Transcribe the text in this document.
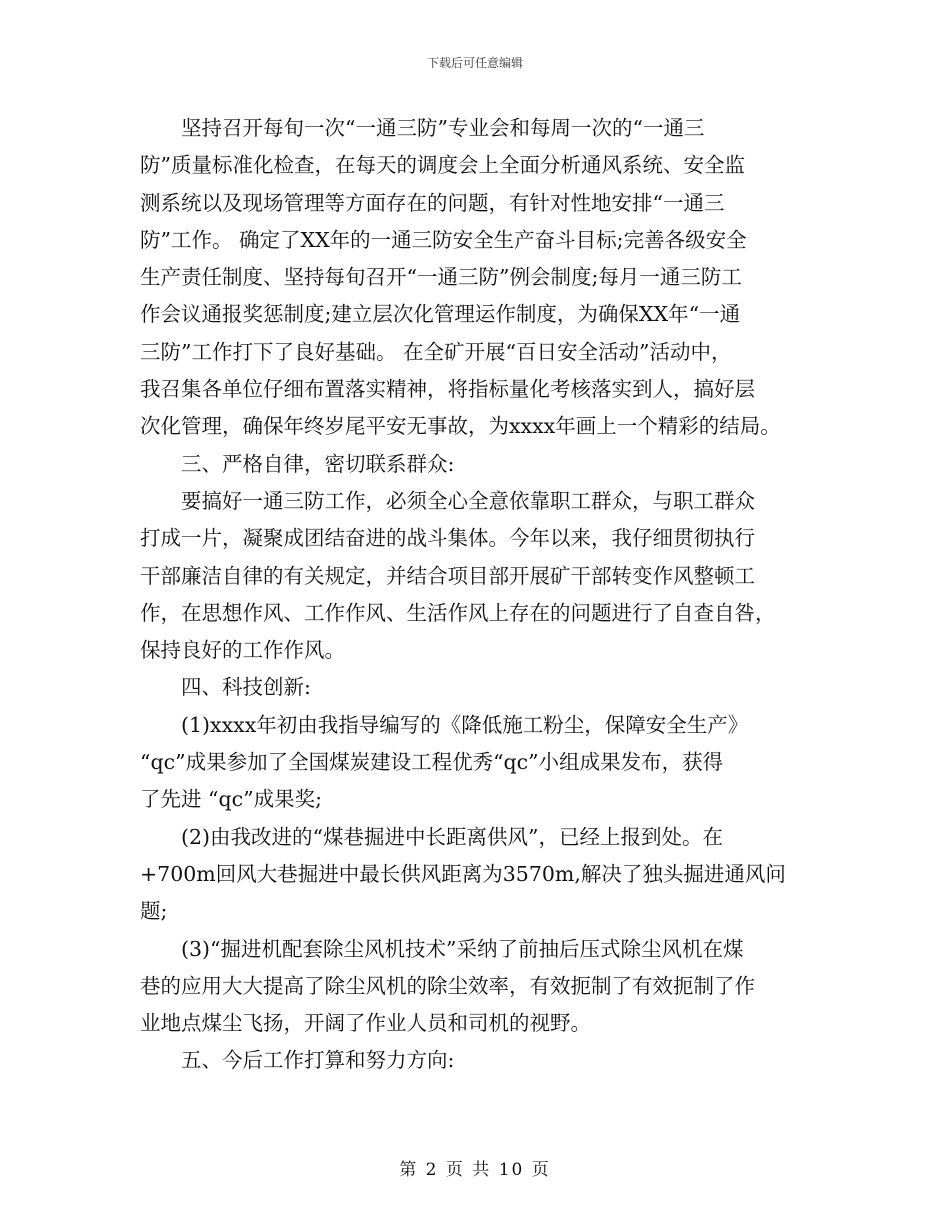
下载后可任意编辑

坚持召开每旬一次“一通三防”专业会和每周一次的“一通三
防”质量标准化检查，在每天的调度会上全面分析通风系统、安全监
测系统以及现场管理等方面存在的问题，有针对性地安排“一通三
防”工作。 确定了XX年的一通三防安全生产奋斗目标;完善各级安全
生产责任制度、坚持每旬召开“一通三防”例会制度;每月一通三防工
作会议通报奖惩制度;建立层次化管理运作制度，为确保XX年“一通
三防”工作打下了良好基础。 在全矿开展“百日安全活动”活动中，
我召集各单位仔细布置落实精神，将指标量化考核落实到人，搞好层
次化管理，确保年终岁尾平安无事故，为xxxx年画上一个精彩的结局。

三、严格自律，密切联系群众:

要搞好一通三防工作，必须全心全意依靠职工群众，与职工群众
打成一片，凝聚成团结奋进的战斗集体。今年以来，我仔细贯彻执行
干部廉洁自律的有关规定，并结合项目部开展矿干部转变作风整顿工
作，在思想作风、工作作风、生活作风上存在的问题进行了自查自咎，
保持良好的工作作风。

四、科技创新:

(1)xxxx年初由我指导编写的《降低施工粉尘，保障安全生产》
“qc”成果参加了全国煤炭建设工程优秀“qc”小组成果发布，获得
了先进 “qc”成果奖;

(2)由我改进的“煤巷掘进中长距离供风”，已经上报到处。在
+700m回风大巷掘进中最长供风距离为3570m,解决了独头掘进通风问
题;

(3)“掘进机配套除尘风机技术”采纳了前抽后压式除尘风机在煤
巷的应用大大提高了除尘风机的除尘效率，有效扼制了有效扼制了作
业地点煤尘飞扬，开阔了作业人员和司机的视野。

五、今后工作打算和努力方向:

第 2 页 共 10 页
